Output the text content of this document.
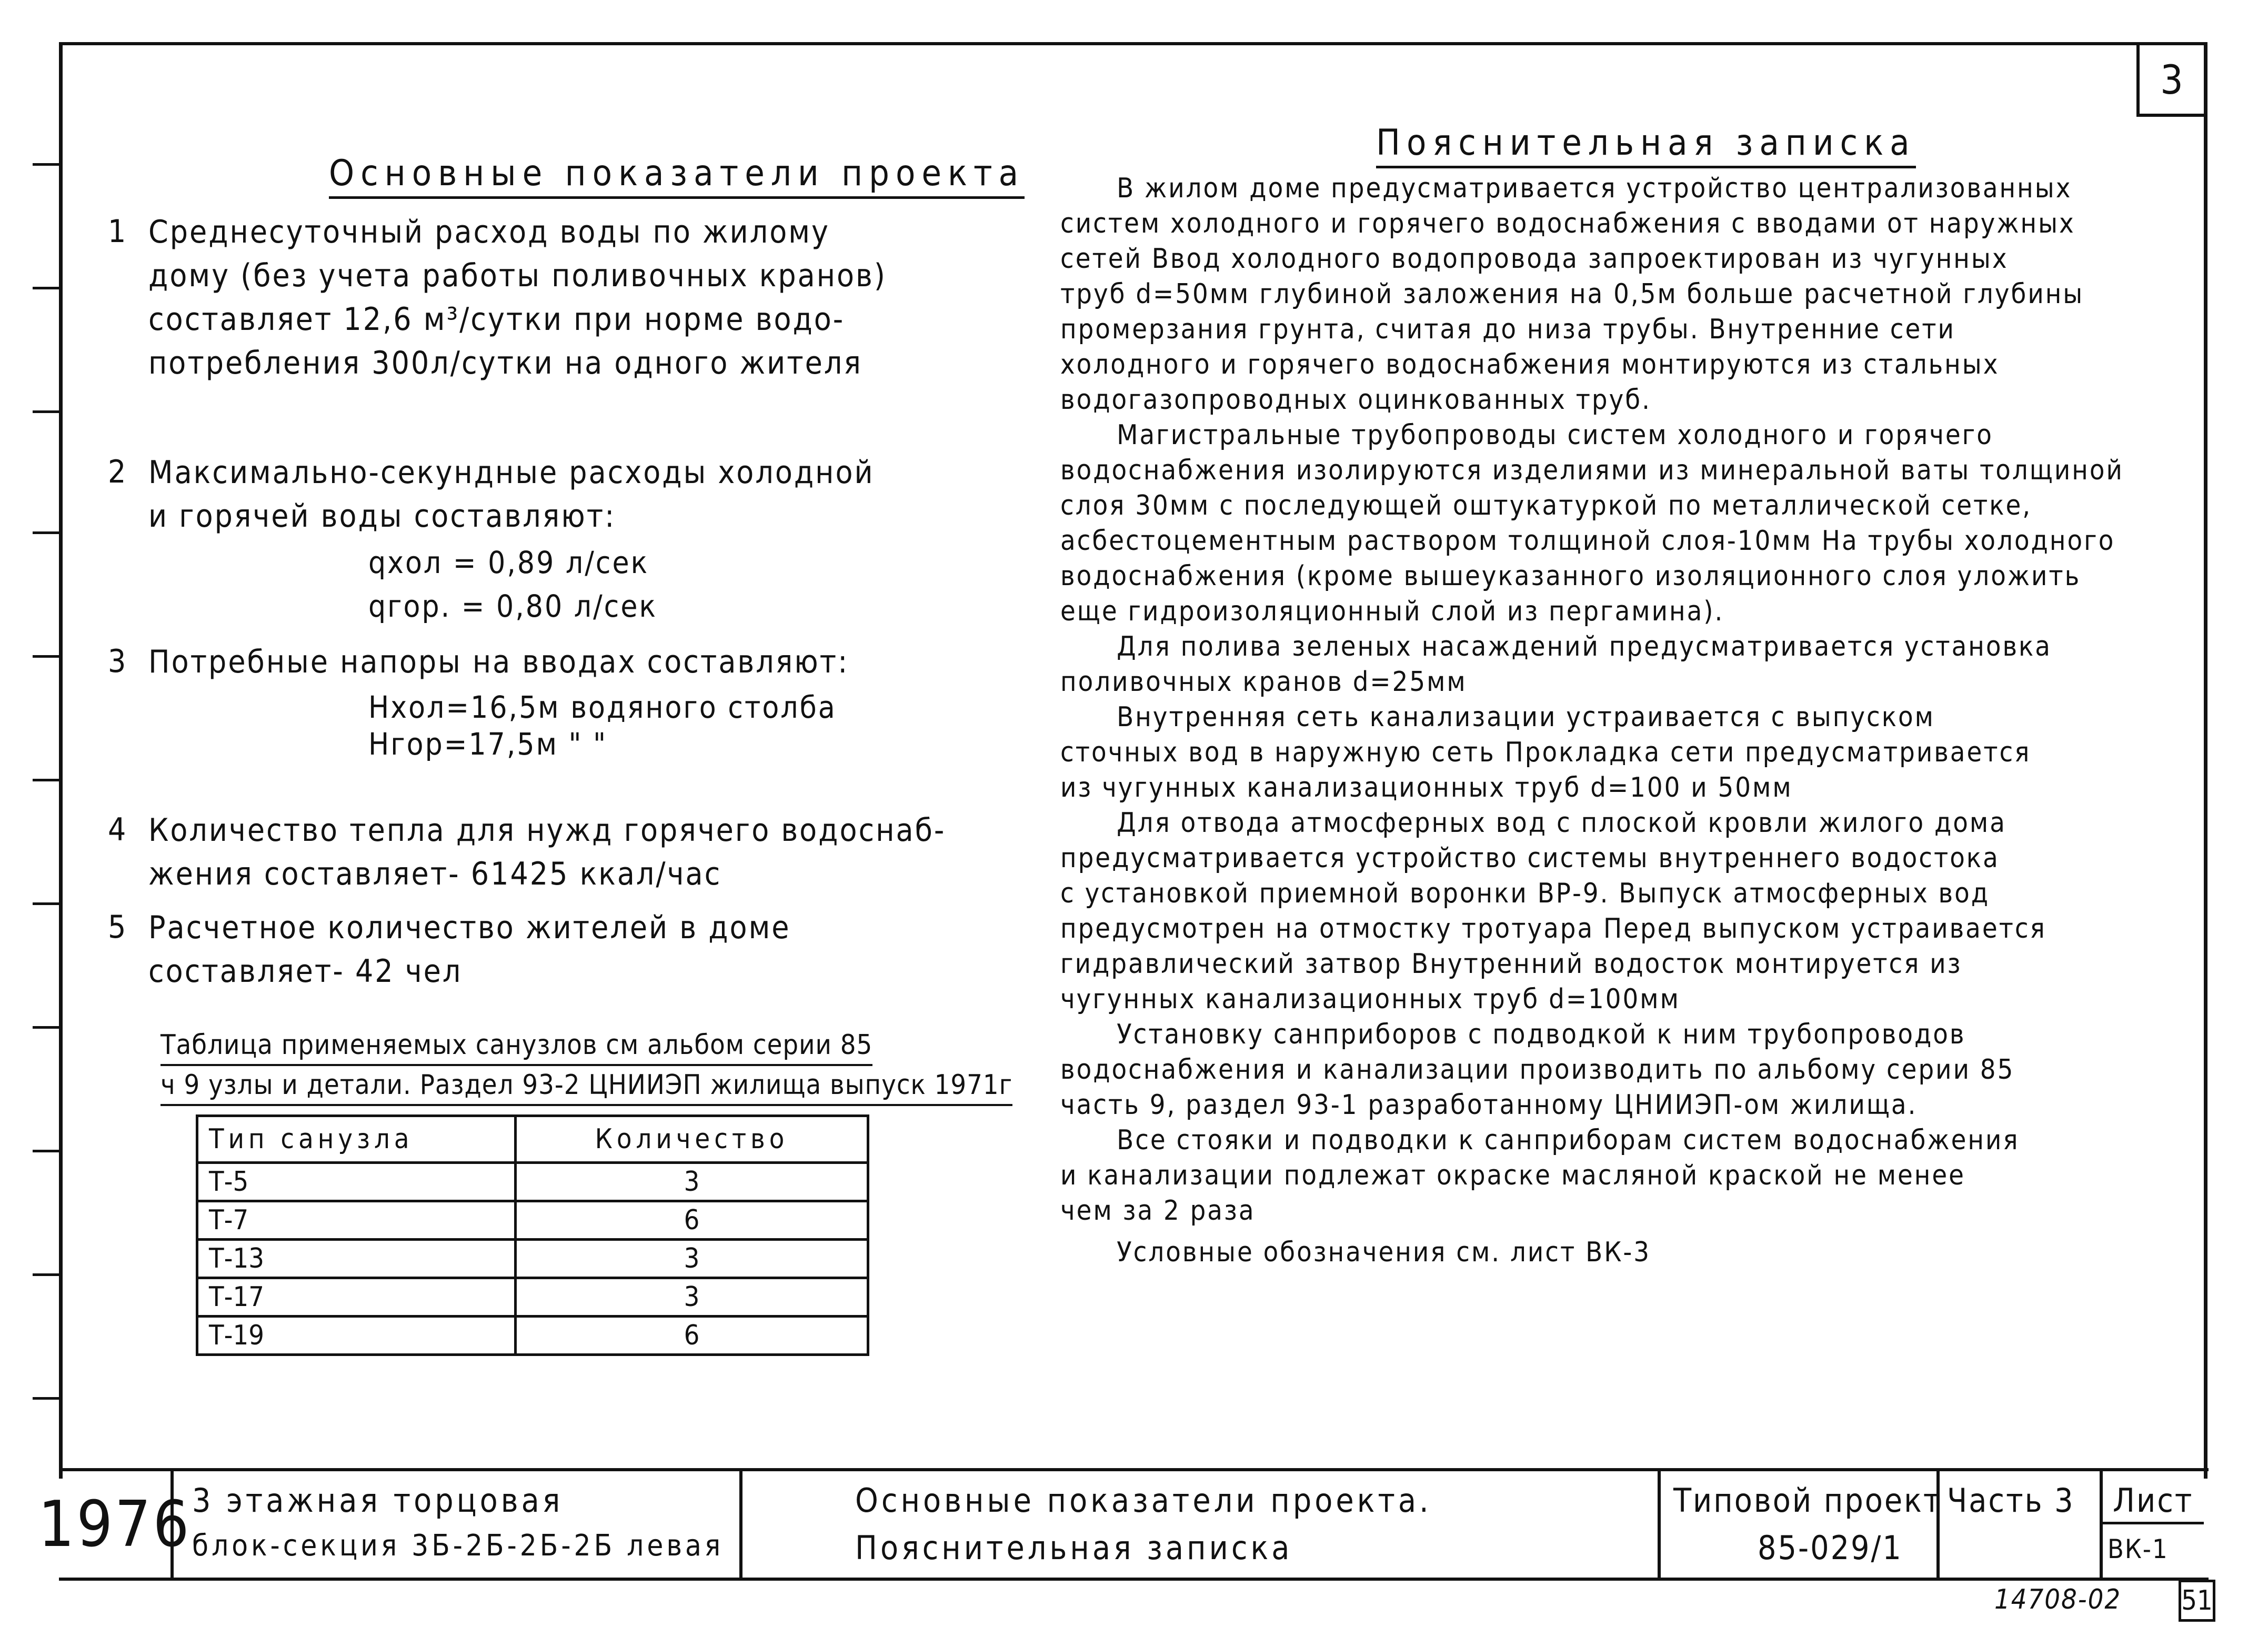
3
Основные показатели проекта
1 Среднесуточный расход воды по жилому
дому (без учета работы поливочных кранов)
составляет 12,6 м³/сутки при норме водо-
потребления 300л/сутки на одного жителя
2 Максимально-секундные расходы холодной
и горячей воды составляют:
qхол = 0,89 л/сек
qгор. = 0,80 л/сек
3 Потребные напоры на вводах составляют:
Нхол=16,5м водяного столба
Нгор=17,5м " "
4 Количество тепла для нужд горячего водоснаб-
жения составляет- 61425 ккал/час
5 Расчетное количество жителей в доме
составляет- 42 чел
Таблица применяемых санузлов см альбом серии 85
ч 9 узлы и детали. Раздел 93-2 ЦНИИЭП жилища выпуск 1971г
Тип санузла	Количество
Т-5	3
Т-7	6
Т-13	3
Т-17	3
Т-19	6
Пояснительная записка
В жилом доме предусматривается устройство централизованных
систем холодного и горячего водоснабжения с вводами от наружных
сетей Ввод холодного водопровода запроектирован из чугунных
труб d=50мм глубиной заложения на 0,5м больше расчетной глубины
промерзания грунта, считая до низа трубы. Внутренние сети
холодного и горячего водоснабжения монтируются из стальных
водогазопроводных оцинкованных труб.
Магистральные трубопроводы систем холодного и горячего
водоснабжения изолируются изделиями из минеральной ваты толщиной
слоя 30мм с последующей оштукатуркой по металлической сетке,
асбестоцементным раствором толщиной слоя-10мм На трубы холодного
водоснабжения (кроме вышеуказанного изоляционного слоя уложить
еще гидроизоляционный слой из пергамина).
Для полива зеленых насаждений предусматривается установка
поливочных кранов d=25мм
Внутренняя сеть канализации устраивается с выпуском
сточных вод в наружную сеть Прокладка сети предусматривается
из чугунных канализационных труб d=100 и 50мм
Для отвода атмосферных вод с плоской кровли жилого дома
предусматривается устройство системы внутреннего водостока
с установкой приемной воронки ВР-9. Выпуск атмосферных вод
предусмотрен на отмостку тротуара Перед выпуском устраивается
гидравлический затвор Внутренний водосток монтируется из
чугунных канализационных труб d=100мм
Установку санприборов с подводкой к ним трубопроводов
водоснабжения и канализации производить по альбому серии 85
часть 9, раздел 93-1 разработанному ЦНИИЭП-ом жилища.
Все стояки и подводки к санприборам систем водоснабжения
и канализации подлежат окраске масляной краской не менее
чем за 2 раза
Условные обозначения см. лист ВК-3
1976 3 этажная торцовая
блок-секция 3Б-2Б-2Б-2Б левая
Основные показатели проекта.
Пояснительная записка
Типовой проект
85-029/1
Часть 3 Лист
ВК-1
14708-02 51
